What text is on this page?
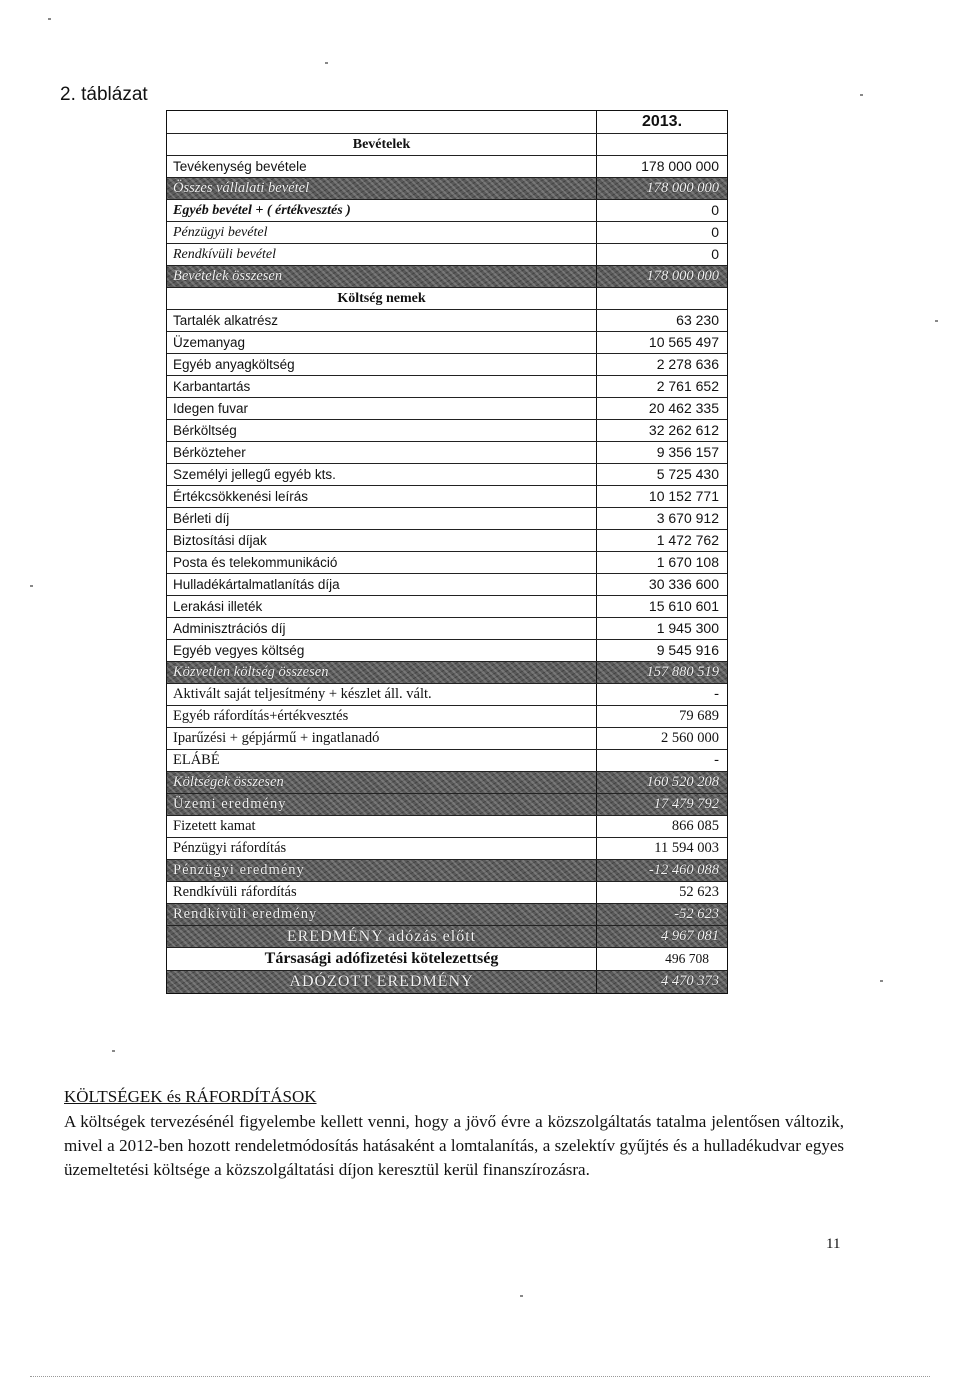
2. táblázat
2013.
Bevételek
Tevékenység bevétele	178 000 000
Összes vállalati bevétel	178 000 000
Egyéb bevétel + ( értékvesztés )	0
Pénzügyi bevétel	0
Rendkívüli bevétel	0
Bevételek összesen	178 000 000
Költség nemek
Tartalék alkatrész	63 230
Üzemanyag	10 565 497
Egyéb anyagköltség	2 278 636
Karbantartás	2 761 652
Idegen fuvar	20 462 335
Bérköltség	32 262 612
Bérközteher	9 356 157
Személyi jellegű egyéb kts.	5 725 430
Értékcsökkenési leírás	10 152 771
Bérleti díj	3 670 912
Biztosítási díjak	1 472 762
Posta és telekommunikáció	1 670 108
Hulladékártalmatlanítás díja	30 336 600
Lerakási illeték	15 610 601
Adminisztrációs díj	1 945 300
Egyéb vegyes költség	9 545 916
Közvetlen költség összesen	157 880 519
Aktivált saját teljesítmény + készlet áll. vált.	-
Egyéb ráfordítás+értékvesztés	79 689
Iparűzési + gépjármű + ingatlanadó	2 560 000
ELÁBÉ	-
Költségek összesen	160 520 208
Üzemi eredmény	17 479 792
Fizetett kamat	866 085
Pénzügyi ráfordítás	11 594 003
Pénzügyi eredmény	-12 460 088
Rendkívüli ráfordítás	52 623
Rendkívüli eredmény	-52 623
EREDMÉNY adózás előtt	4 967 081
Társasági adófizetési kötelezettség	496 708
ADÓZOTT EREDMÉNY	4 470 373
KÖLTSÉGEK és RÁFORDÍTÁSOK
A költségek tervezésénél figyelembe kellett venni, hogy a jövő évre a közszolgáltatás tatalma jelentősen változik, mivel a 2012-ben hozott rendeletmódosítás hatásaként a lomtalanítás, a szelektív gyűjtés és a hulladékudvar egyes üzemeltetési költsége a közszolgáltatási díjon keresztül kerül finanszírozásra.
11
